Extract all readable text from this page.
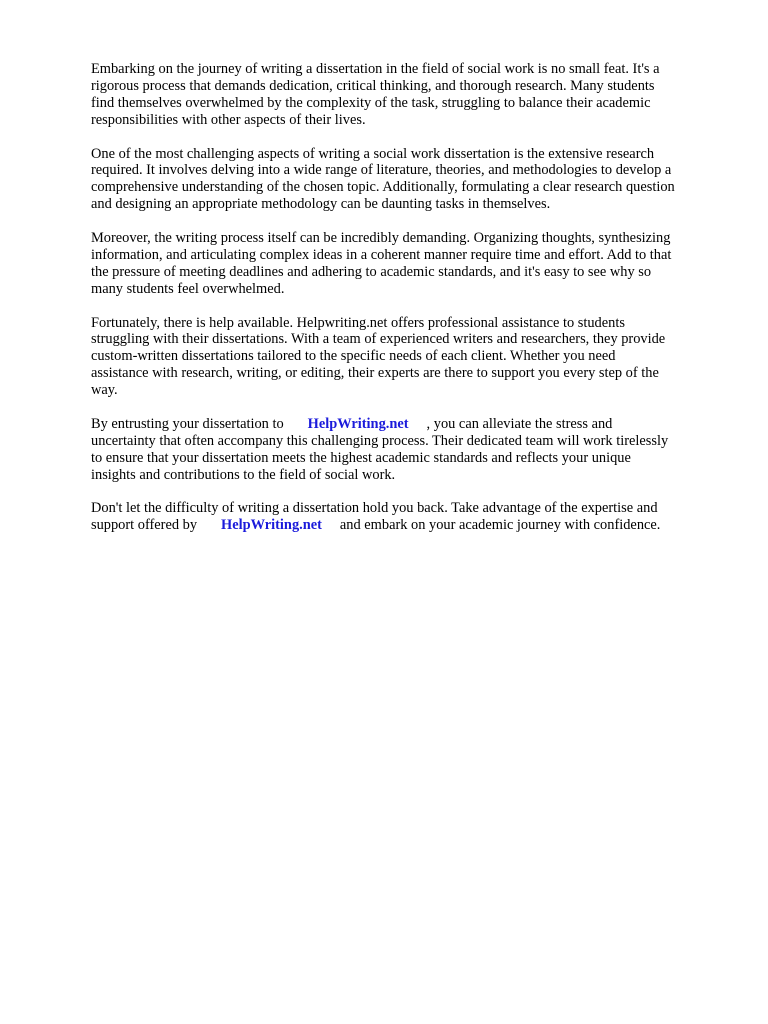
Embarking on the journey of writing a dissertation in the field of social work is no small feat. It's a
rigorous process that demands dedication, critical thinking, and thorough research. Many students
find themselves overwhelmed by the complexity of the task, struggling to balance their academic
responsibilities with other aspects of their lives.

One of the most challenging aspects of writing a social work dissertation is the extensive research
required. It involves delving into a wide range of literature, theories, and methodologies to develop a
comprehensive understanding of the chosen topic. Additionally, formulating a clear research question
and designing an appropriate methodology can be daunting tasks in themselves.

Moreover, the writing process itself can be incredibly demanding. Organizing thoughts, synthesizing
information, and articulating complex ideas in a coherent manner require time and effort. Add to that
the pressure of meeting deadlines and adhering to academic standards, and it's easy to see why so
many students feel overwhelmed.

Fortunately, there is help available. Helpwriting.net offers professional assistance to students
struggling with their dissertations. With a team of experienced writers and researchers, they provide
custom-written dissertations tailored to the specific needs of each client. Whether you need
assistance with research, writing, or editing, their experts are there to support you every step of the
way.

By entrusting your dissertation to HelpWriting.net , you can alleviate the stress and
uncertainty that often accompany this challenging process. Their dedicated team will work tirelessly
to ensure that your dissertation meets the highest academic standards and reflects your unique
insights and contributions to the field of social work.

Don't let the difficulty of writing a dissertation hold you back. Take advantage of the expertise and
support offered by HelpWriting.net and embark on your academic journey with confidence.
